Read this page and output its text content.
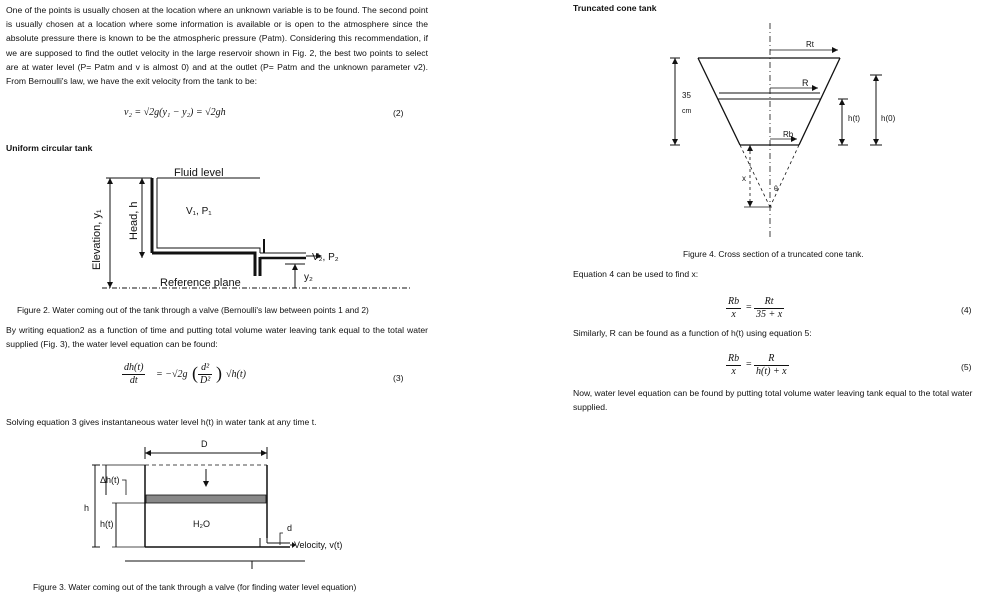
One of the points is usually chosen at the location where an unknown variable is to be found. The second point is usually chosen at a location where some information is available or is open to the atmosphere since the absolute pressure there is known to be the atmospheric pressure (Patm). Considering this recommendation, if we are supposed to find the outlet velocity in the large reservoir shown in Fig. 2, the best two points to select are at water level (P= Patm and v is almost 0) and at the outlet (P= Patm and the unknown parameter v2). From Bernoulli's law, we have the exit velocity from the tank to be:
v₂ = √2g(y₁ − y₂) = √2gh	(2)
Uniform circular tank
Fluid level
V₁, P₁
V₂, P₂
Head, h
Elevation, y₁
Reference plane	y₂
Figure 2. Water coming out of the tank through a valve (Bernoulli's law between points 1 and 2)
By writing equation2 as a function of time and putting total volume water leaving tank equal to the total water supplied (Fig. 3), the water level equation can be found:
$\frac{dh(t)}{dt} = -√2g$ ( $\frac{\text{d²}}{\text{D²}}$ ) √h(t)	(3)
Solving equation 3 gives instantaneous water level h(t) in water tank at any time t.
D
d
Velocity, v(t)
h
Δh(t)
h(t)	H₂O
Figure 3. Water coming out of the tank through a valve (for finding water level equation)
Truncated cone tank
Rt
R
Rb
35
cm
h(t)	h(0)
x
θ
Figure 4. Cross section of a truncated cone tank.
Equation 4 can be used to find x:
$\frac{Rb}{x} = \frac{Rt}{35 + x}$	(4)
Similarly, R can be found as a function of h(t) using equation 5:
$\frac{Rb}{x} = \frac{R}{h(t) + x}$	(5)
Now, water level equation can be found by putting total volume water leaving tank equal to the total water supplied.
